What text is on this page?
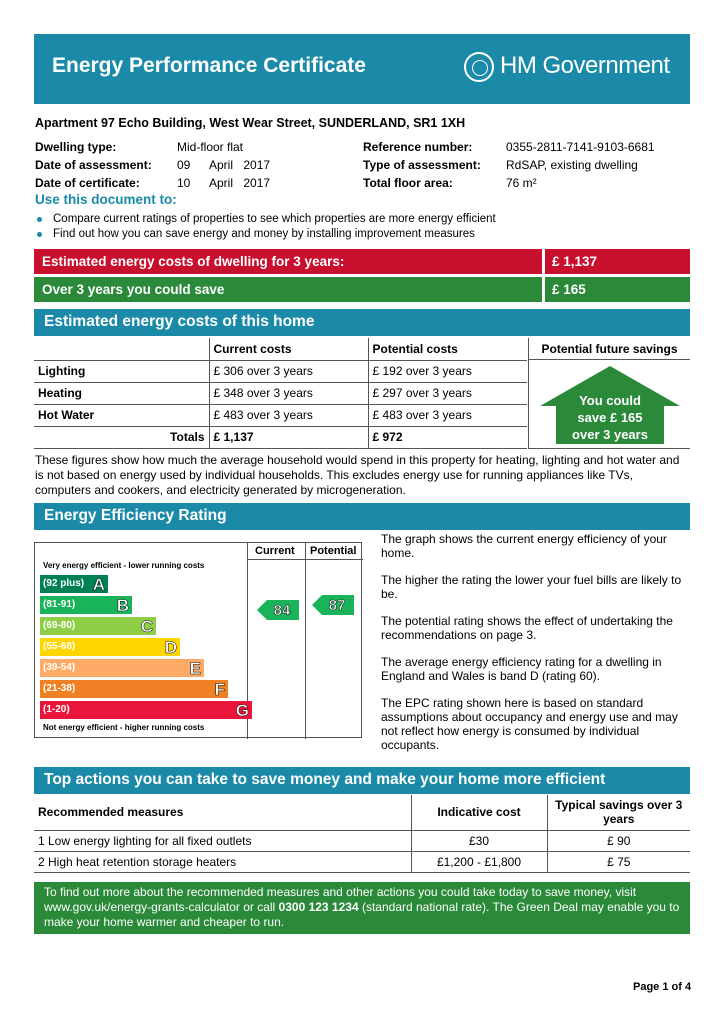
Energy Performance Certificate	HM Government
Apartment 97 Echo Building, West Wear Street, SUNDERLAND, SR1 1XH
Dwelling type:	Mid-floor flat
Date of assessment: 09 April 2017
Date of certificate:	10 April 2017
Reference number:	0355-2811-7141-9103-6681
Type of assessment: RdSAP, existing dwelling
Total floor area:	76 m²
Use this document to:
Compare current ratings of properties to see which properties are more energy efficient
Find out how you can save energy and money by installing improvement measures
Estimated energy costs of dwelling for 3 years:	£ 1,137
Over 3 years you could save	£ 165
Estimated energy costs of this home
	Current costs	Potential costs
Lighting	£ 306 over 3 years	£ 192 over 3 years
Heating	£ 348 over 3 years	£ 297 over 3 years
Hot Water	£ 483 over 3 years	£ 483 over 3 years
Totals	£ 1,137	£ 972
Potential future savings
You could
save £ 165
over 3 years
These figures show how much the average household would spend in this property for heating, lighting and hot water and is not based on energy used by individual households. This excludes energy use for running appliances like TVs, computers and cookers, and electricity generated by microgeneration.
Energy Efficiency Rating
Current Potential
Very energy efficient - lower running costs
(92 plus) A
(81-91) B
(69-80)	C
(55-68)	D
(39-54)	E
(21-38)	F
(1-20)	G
Not energy efficient - higher running costs
84	87

The graph shows the current energy efficiency of your home.

The higher the rating the lower your fuel bills are likely to be.

The potential rating shows the effect of undertaking the recommendations on page 3.

The average energy efficiency rating for a dwelling in England and Wales is band D (rating 60).

The EPC rating shown here is based on standard assumptions about occupancy and energy use and may not reflect how energy is consumed by individual occupants.

Top actions you can take to save money and make your home more efficient
Recommended measures	Indicative cost	Typical savings over 3 years
1 Low energy lighting for all fixed outlets	£30	£ 90
2 High heat retention storage heaters	£1,200 - £1,800	£ 75
To find out more about the recommended measures and other actions you could take today to save money, visit www.gov.uk/energy-grants-calculator or call 0300 123 1234 (standard national rate). The Green Deal may enable you to make your home warmer and cheaper to run.
Page 1 of 4
